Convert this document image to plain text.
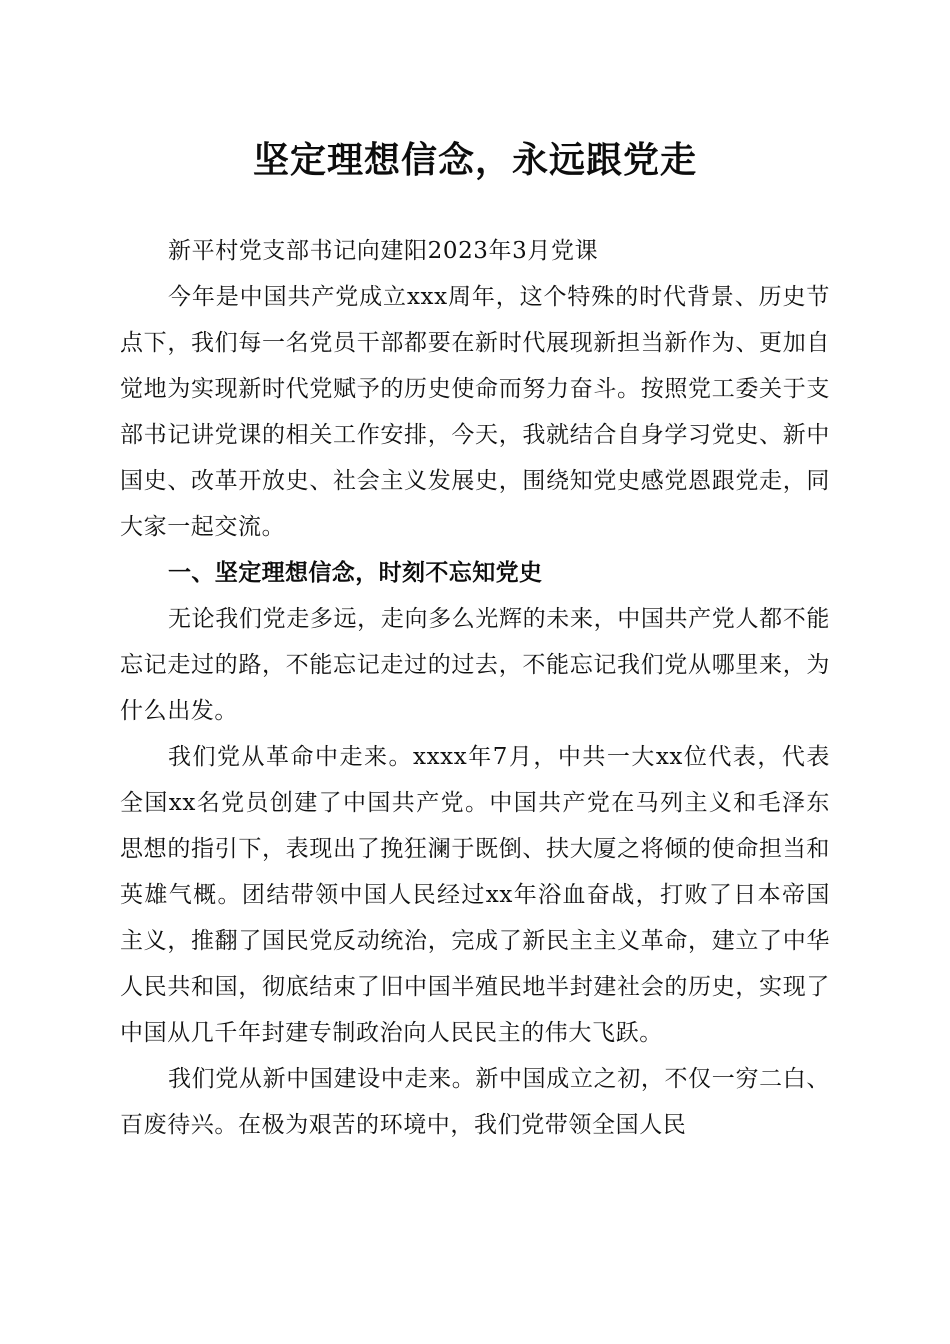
坚定理想信念，永远跟党走

新平村党支部书记向建阳2023年3月党课

今年是中国共产党成立xxx周年，这个特殊的时代背景、历史节点下，我们每一名党员干部都要在新时代展现新担当新作为、更加自觉地为实现新时代党赋予的历史使命而努力奋斗。按照党工委关于支部书记讲党课的相关工作安排，今天，我就结合自身学习党史、新中国史、改革开放史、社会主义发展史，围绕知党史感党恩跟党走，同大家一起交流。

一、坚定理想信念，时刻不忘知党史

无论我们党走多远，走向多么光辉的未来，中国共产党人都不能忘记走过的路，不能忘记走过的过去，不能忘记我们党从哪里来，为什么出发。

我们党从革命中走来。xxxx年7月，中共一大xx位代表，代表全国xx名党员创建了中国共产党。中国共产党在马列主义和毛泽东思想的指引下，表现出了挽狂澜于既倒、扶大厦之将倾的使命担当和英雄气概。团结带领中国人民经过xx年浴血奋战，打败了日本帝国主义，推翻了国民党反动统治，完成了新民主主义革命，建立了中华人民共和国，彻底结束了旧中国半殖民地半封建社会的历史，实现了中国从几千年封建专制政治向人民民主的伟大飞跃。

我们党从新中国建设中走来。新中国成立之初，不仅一穷二白、百废待兴。在极为艰苦的环境中，我们党带领全国人民
